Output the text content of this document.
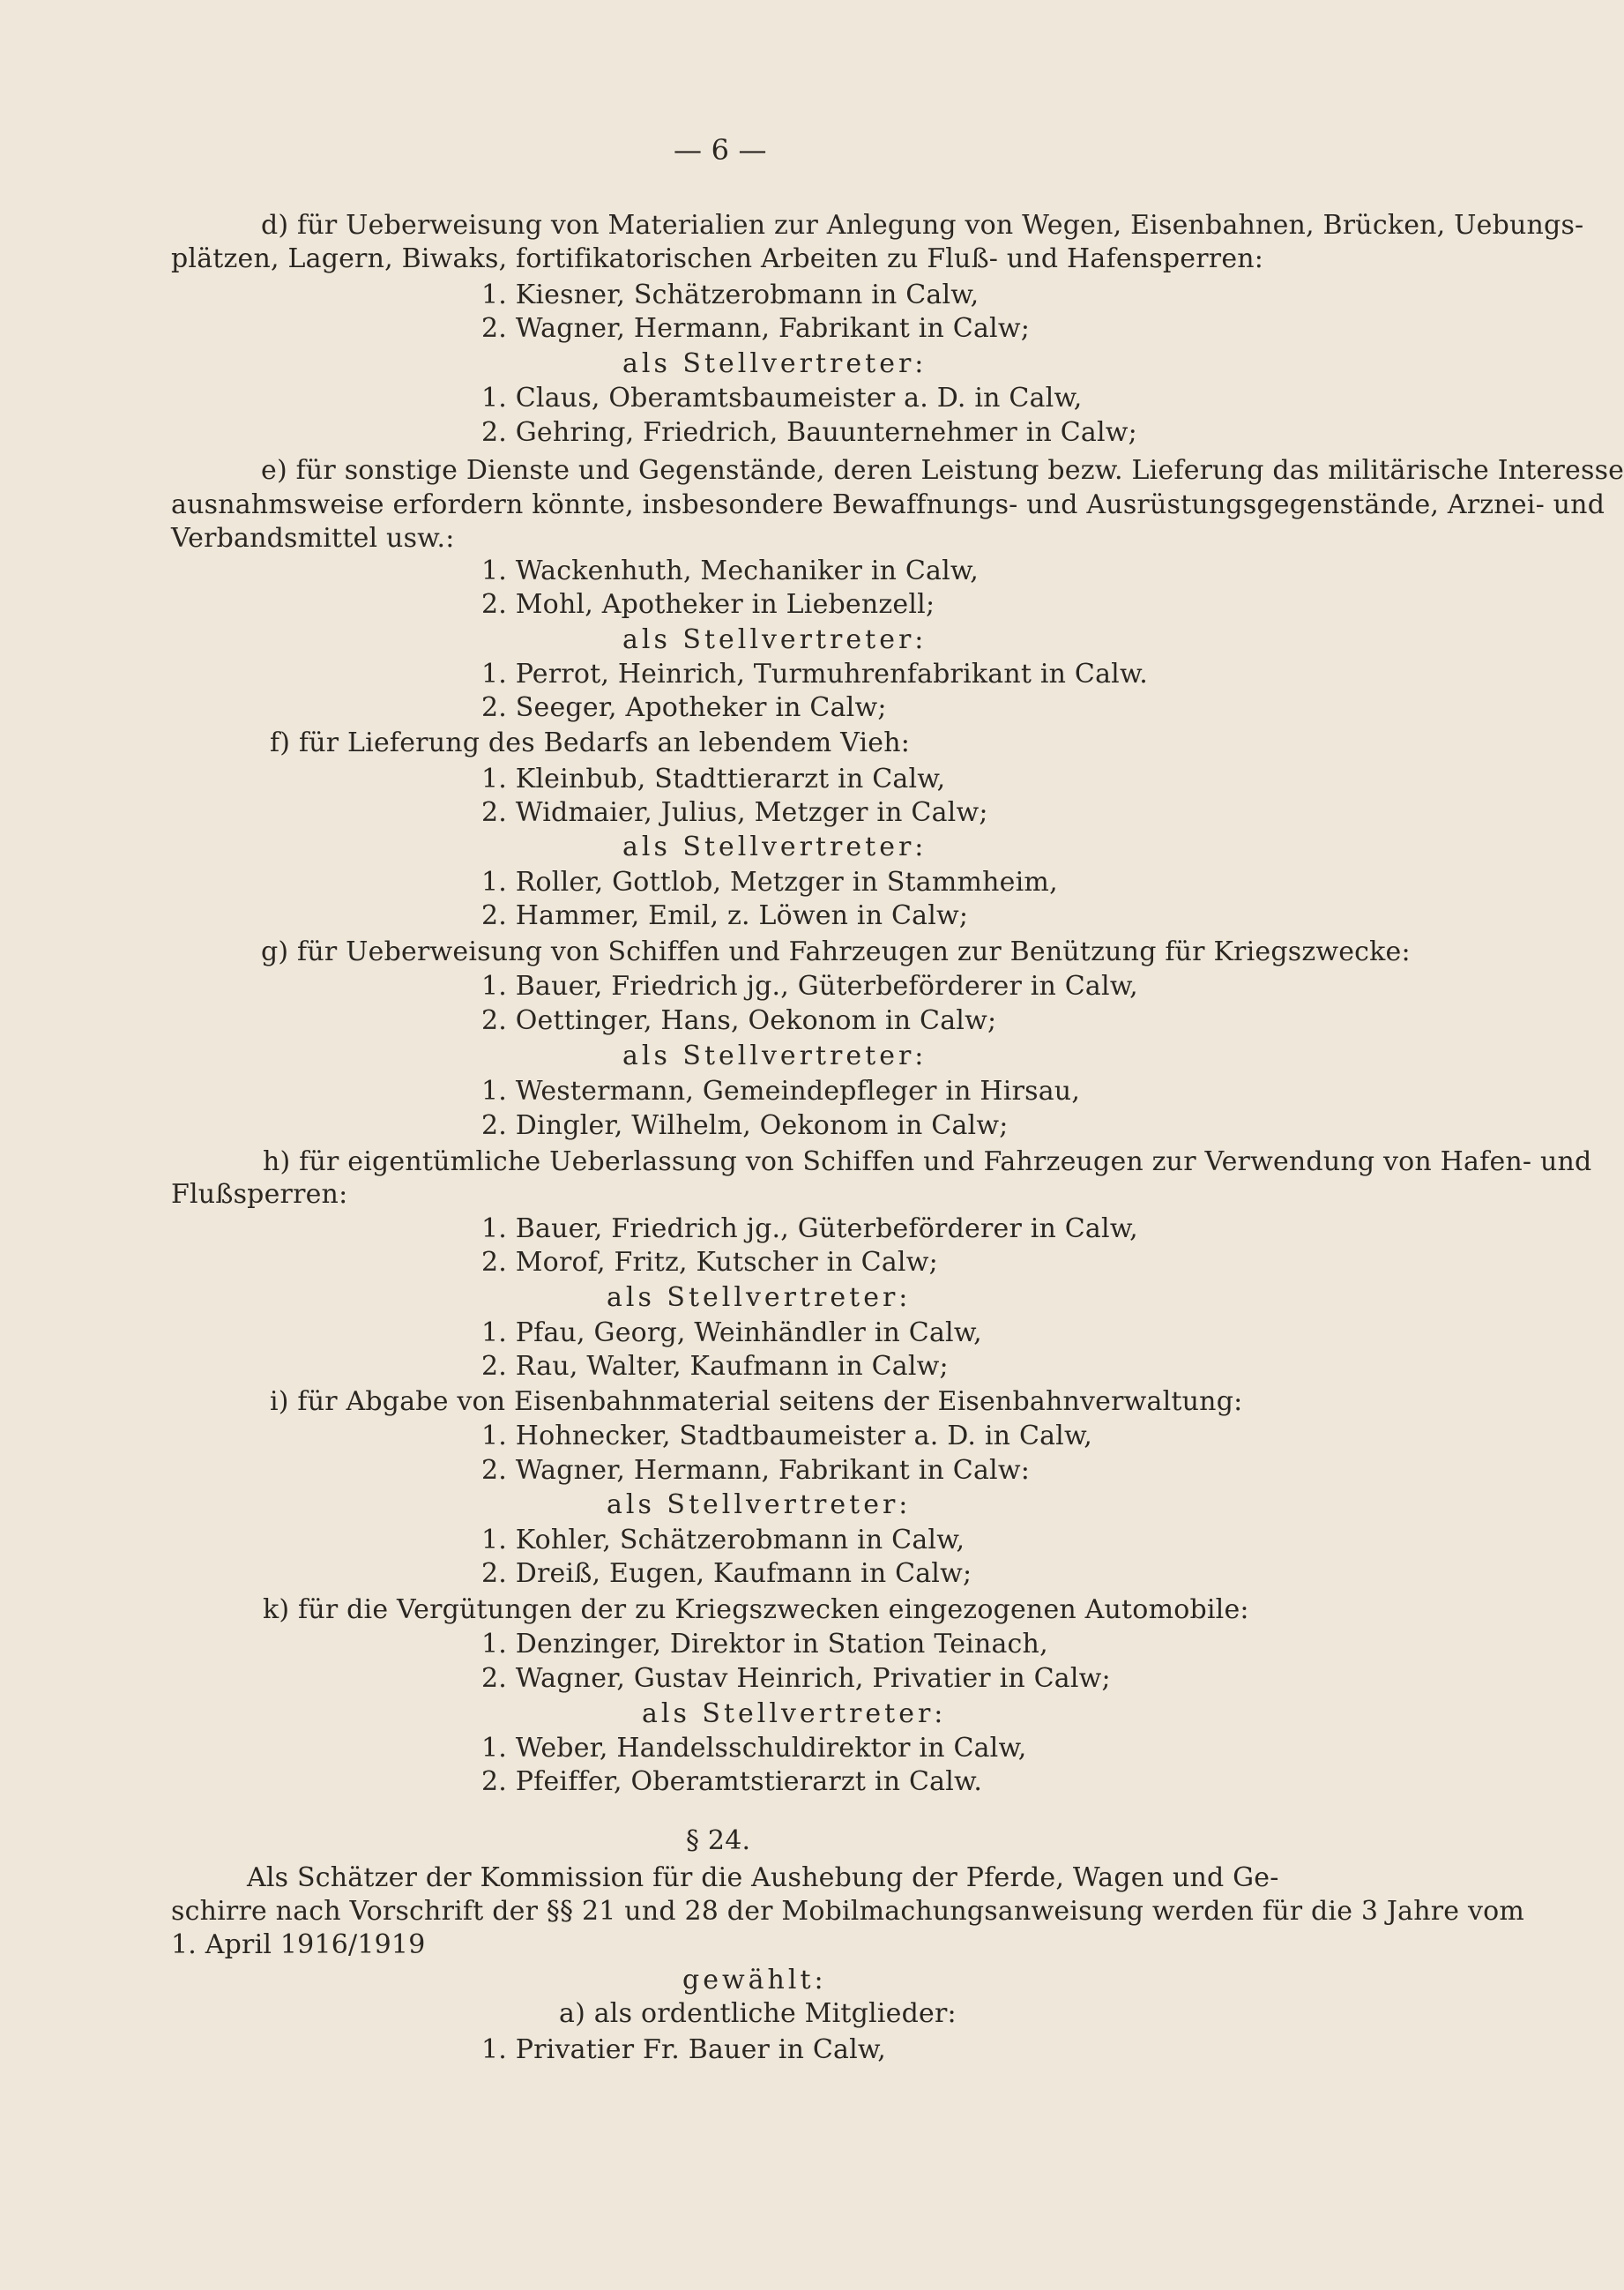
— 6 —
d) für Ueberweisung von Materialien zur Anlegung von Wegen, Eisenbahnen, Brücken, Uebungs-
plätzen, Lagern, Biwaks, fortifikatorischen Arbeiten zu Fluß- und Hafensperren:
1. Kiesner, Schätzerobmann in Calw,
2. Wagner, Hermann, Fabrikant in Calw;
als Stellvertreter:
1. Claus, Oberamtsbaumeister a. D. in Calw,
2. Gehring, Friedrich, Bauunternehmer in Calw;
e) für sonstige Dienste und Gegenstände, deren Leistung bezw. Lieferung das militärische Interesse
ausnahmsweise erfordern könnte, insbesondere Bewaffnungs- und Ausrüstungsgegenstände, Arznei- und
Verbandsmittel usw.:
1. Wackenhuth, Mechaniker in Calw,
2. Mohl, Apotheker in Liebenzell;
als Stellvertreter:
1. Perrot, Heinrich, Turmuhrenfabrikant in Calw.
2. Seeger, Apotheker in Calw;
f) für Lieferung des Bedarfs an lebendem Vieh:
1. Kleinbub, Stadttierarzt in Calw,
2. Widmaier, Julius, Metzger in Calw;
als Stellvertreter:
1. Roller, Gottlob, Metzger in Stammheim,
2. Hammer, Emil, z. Löwen in Calw;
g) für Ueberweisung von Schiffen und Fahrzeugen zur Benützung für Kriegszwecke:
1. Bauer, Friedrich jg., Güterbeförderer in Calw,
2. Oettinger, Hans, Oekonom in Calw;
als Stellvertreter:
1. Westermann, Gemeindepfleger in Hirsau,
2. Dingler, Wilhelm, Oekonom in Calw;
h) für eigentümliche Ueberlassung von Schiffen und Fahrzeugen zur Verwendung von Hafen- und
Flußsperren:
1. Bauer, Friedrich jg., Güterbeförderer in Calw,
2. Morof, Fritz, Kutscher in Calw;
als Stellvertreter:
1. Pfau, Georg, Weinhändler in Calw,
2. Rau, Walter, Kaufmann in Calw;
i) für Abgabe von Eisenbahnmaterial seitens der Eisenbahnverwaltung:
1. Hohnecker, Stadtbaumeister a. D. in Calw,
2. Wagner, Hermann, Fabrikant in Calw:
als Stellvertreter:
1. Kohler, Schätzerobmann in Calw,
2. Dreiß, Eugen, Kaufmann in Calw;
k) für die Vergütungen der zu Kriegszwecken eingezogenen Automobile:
1. Denzinger, Direktor in Station Teinach,
2. Wagner, Gustav Heinrich, Privatier in Calw;
als Stellvertreter:
1. Weber, Handelsschuldirektor in Calw,
2. Pfeiffer, Oberamtstierarzt in Calw.
§ 24.
Als Schätzer der Kommission für die Aushebung der Pferde, Wagen und Ge-
schirre nach Vorschrift der §§ 21 und 28 der Mobilmachungsanweisung werden für die 3 Jahre vom
1. April 1916/1919
gewählt:
a) als ordentliche Mitglieder:
1. Privatier Fr. Bauer in Calw,
